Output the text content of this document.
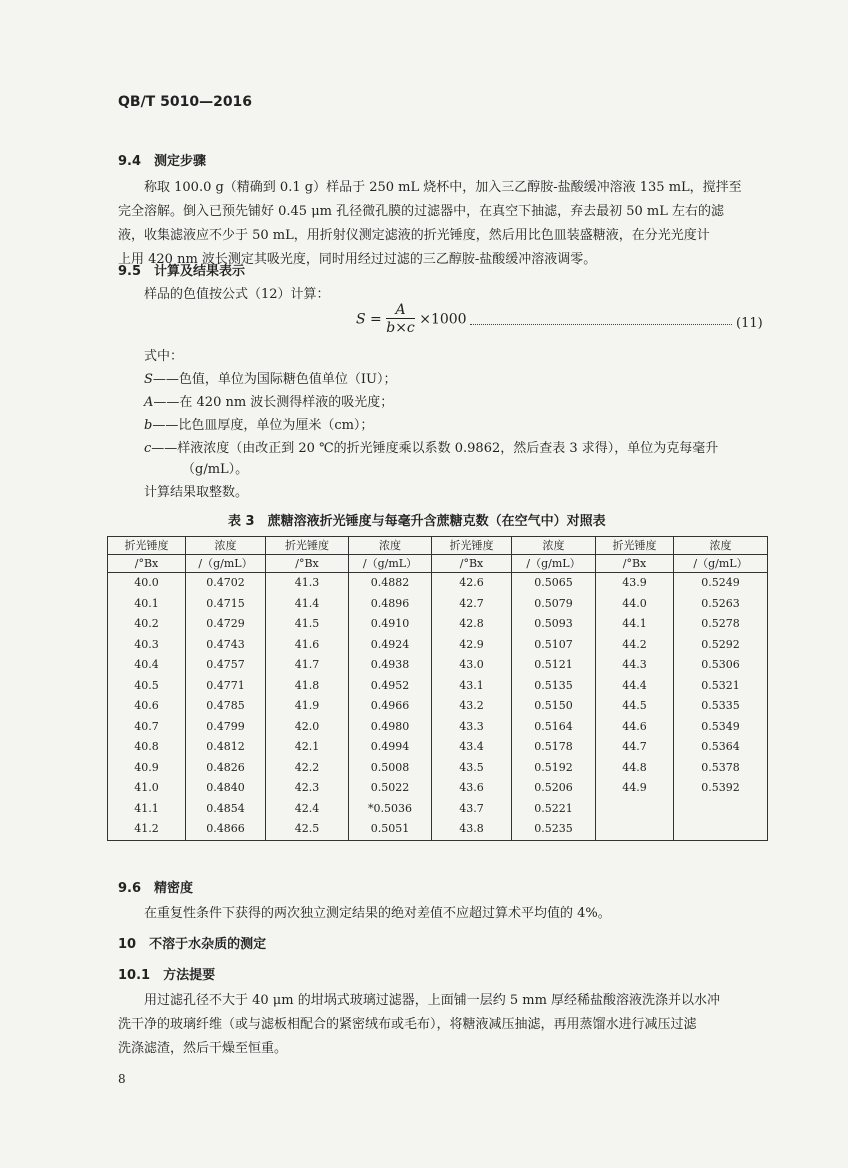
QB/T 5010—2016
9.4　测定步骤
称取 100.0 g（精确到 0.1 g）样品于 250 mL 烧杯中，加入三乙醇胺-盐酸缓冲溶液 135 mL，搅拌至
完全溶解。倒入已预先铺好 0.45 μm 孔径微孔膜的过滤器中，在真空下抽滤，弃去最初 50 mL 左右的滤
液，收集滤液应不少于 50 mL，用折射仪测定滤液的折光锤度，然后用比色皿装盛糖液，在分光光度计
上用 420 nm 波长测定其吸光度，同时用经过过滤的三乙醇胺-盐酸缓冲溶液调零。
9.5　计算及结果表示
样品的色值按公式（12）计算：
$S = \frac{A}{b\times c} \times 1000$	(11)
式中：
S——色值，单位为国际糖色值单位（IU）；
A——在 420 nm 波长测得样液的吸光度；
b——比色皿厚度，单位为厘米（cm）；
c——样液浓度（由改正到 20 ℃的折光锤度乘以系数 0.9862，然后查表 3 求得），单位为克每毫升
（g/mL）。
计算结果取整数。
表 3　蔗糖溶液折光锤度与每毫升含蔗糖克数（在空气中）对照表
折光锤度	浓度	折光锤度	浓度	折光锤度	浓度	折光锤度	浓度
/°Bx	/（g/mL）	/°Bx	/（g/mL）	/°Bx	/（g/mL）	/°Bx	/（g/mL）
40.0	0.4702	41.3	0.4882	42.6	0.5065	43.9	0.5249
40.1	0.4715	41.4	0.4896	42.7	0.5079	44.0	0.5263
40.2	0.4729	41.5	0.4910	42.8	0.5093	44.1	0.5278
40.3	0.4743	41.6	0.4924	42.9	0.5107	44.2	0.5292
40.4	0.4757	41.7	0.4938	43.0	0.5121	44.3	0.5306
40.5	0.4771	41.8	0.4952	43.1	0.5135	44.4	0.5321
40.6	0.4785	41.9	0.4966	43.2	0.5150	44.5	0.5335
40.7	0.4799	42.0	0.4980	43.3	0.5164	44.6	0.5349
40.8	0.4812	42.1	0.4994	43.4	0.5178	44.7	0.5364
40.9	0.4826	42.2	0.5008	43.5	0.5192	44.8	0.5378
41.0	0.4840	42.3	0.5022	43.6	0.5206	44.9	0.5392
41.1	0.4854	42.4	*0.5036	43.7	0.5221		
41.2	0.4866	42.5	0.5051	43.8	0.5235		
9.6　精密度
在重复性条件下获得的两次独立测定结果的绝对差值不应超过算术平均值的 4%。
10　不溶于水杂质的测定
10.1　方法提要
用过滤孔径不大于 40 μm 的坩埚式玻璃过滤器，上面铺一层约 5 mm 厚经稀盐酸溶液洗涤并以水冲
洗干净的玻璃纤维（或与滤板相配合的紧密绒布或毛布），将糖液减压抽滤，再用蒸馏水进行减压过滤
洗涤滤渣，然后干燥至恒重。
8
